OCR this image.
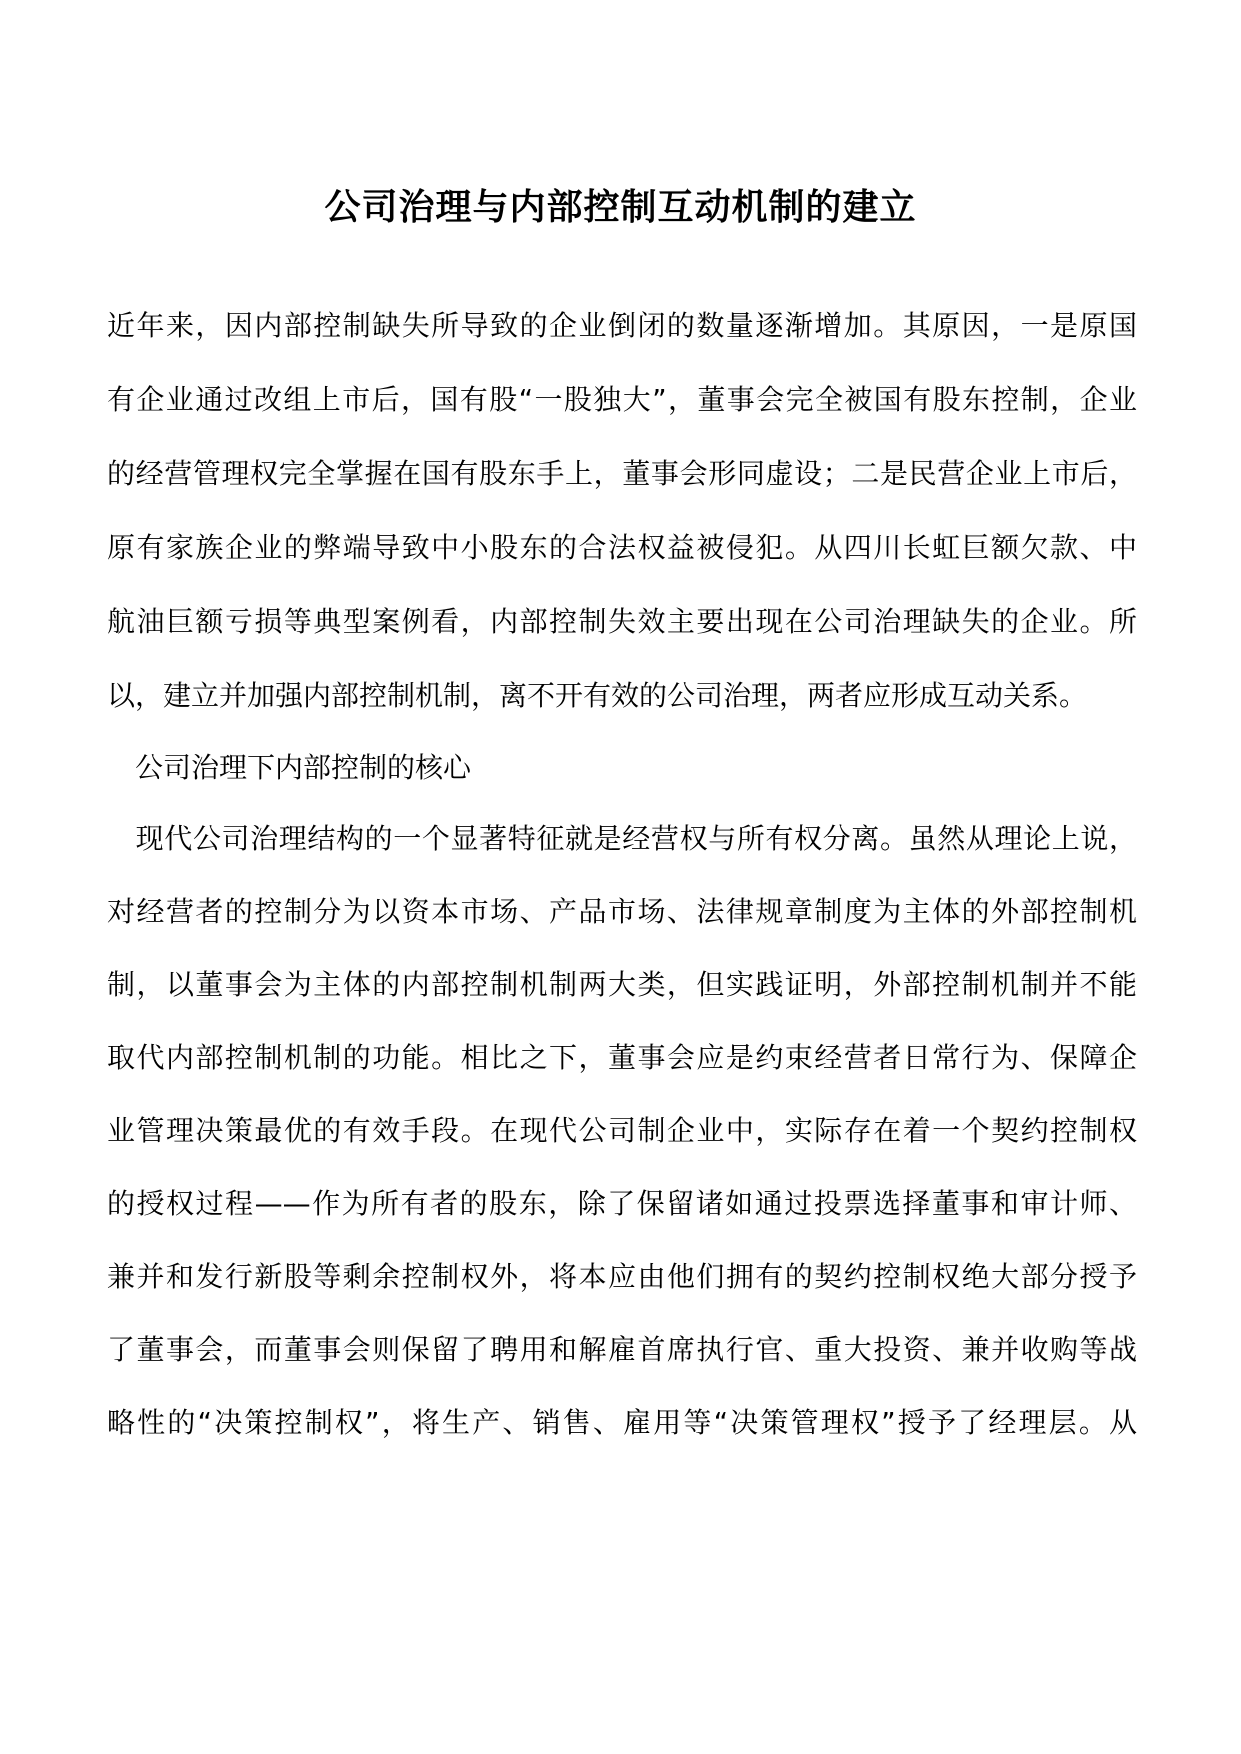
公司治理与内部控制互动机制的建立
近年来，因内部控制缺失所导致的企业倒闭的数量逐渐增加。其原因，一是原国
有企业通过改组上市后，国有股“一股独大”，董事会完全被国有股东控制，企业
的经营管理权完全掌握在国有股东手上，董事会形同虚设；二是民营企业上市后，
原有家族企业的弊端导致中小股东的合法权益被侵犯。从四川长虹巨额欠款、中
航油巨额亏损等典型案例看，内部控制失效主要出现在公司治理缺失的企业。所
以，建立并加强内部控制机制，离不开有效的公司治理，两者应形成互动关系。
　公司治理下内部控制的核心
　现代公司治理结构的一个显著特征就是经营权与所有权分离。虽然从理论上说，
对经营者的控制分为以资本市场、产品市场、法律规章制度为主体的外部控制机
制，以董事会为主体的内部控制机制两大类，但实践证明，外部控制机制并不能
取代内部控制机制的功能。相比之下，董事会应是约束经营者日常行为、保障企
业管理决策最优的有效手段。在现代公司制企业中，实际存在着一个契约控制权
的授权过程——作为所有者的股东，除了保留诸如通过投票选择董事和审计师、
兼并和发行新股等剩余控制权外，将本应由他们拥有的契约控制权绝大部分授予
了董事会，而董事会则保留了聘用和解雇首席执行官、重大投资、兼并收购等战
略性的“决策控制权”，将生产、销售、雇用等“决策管理权”授予了经理层。从
